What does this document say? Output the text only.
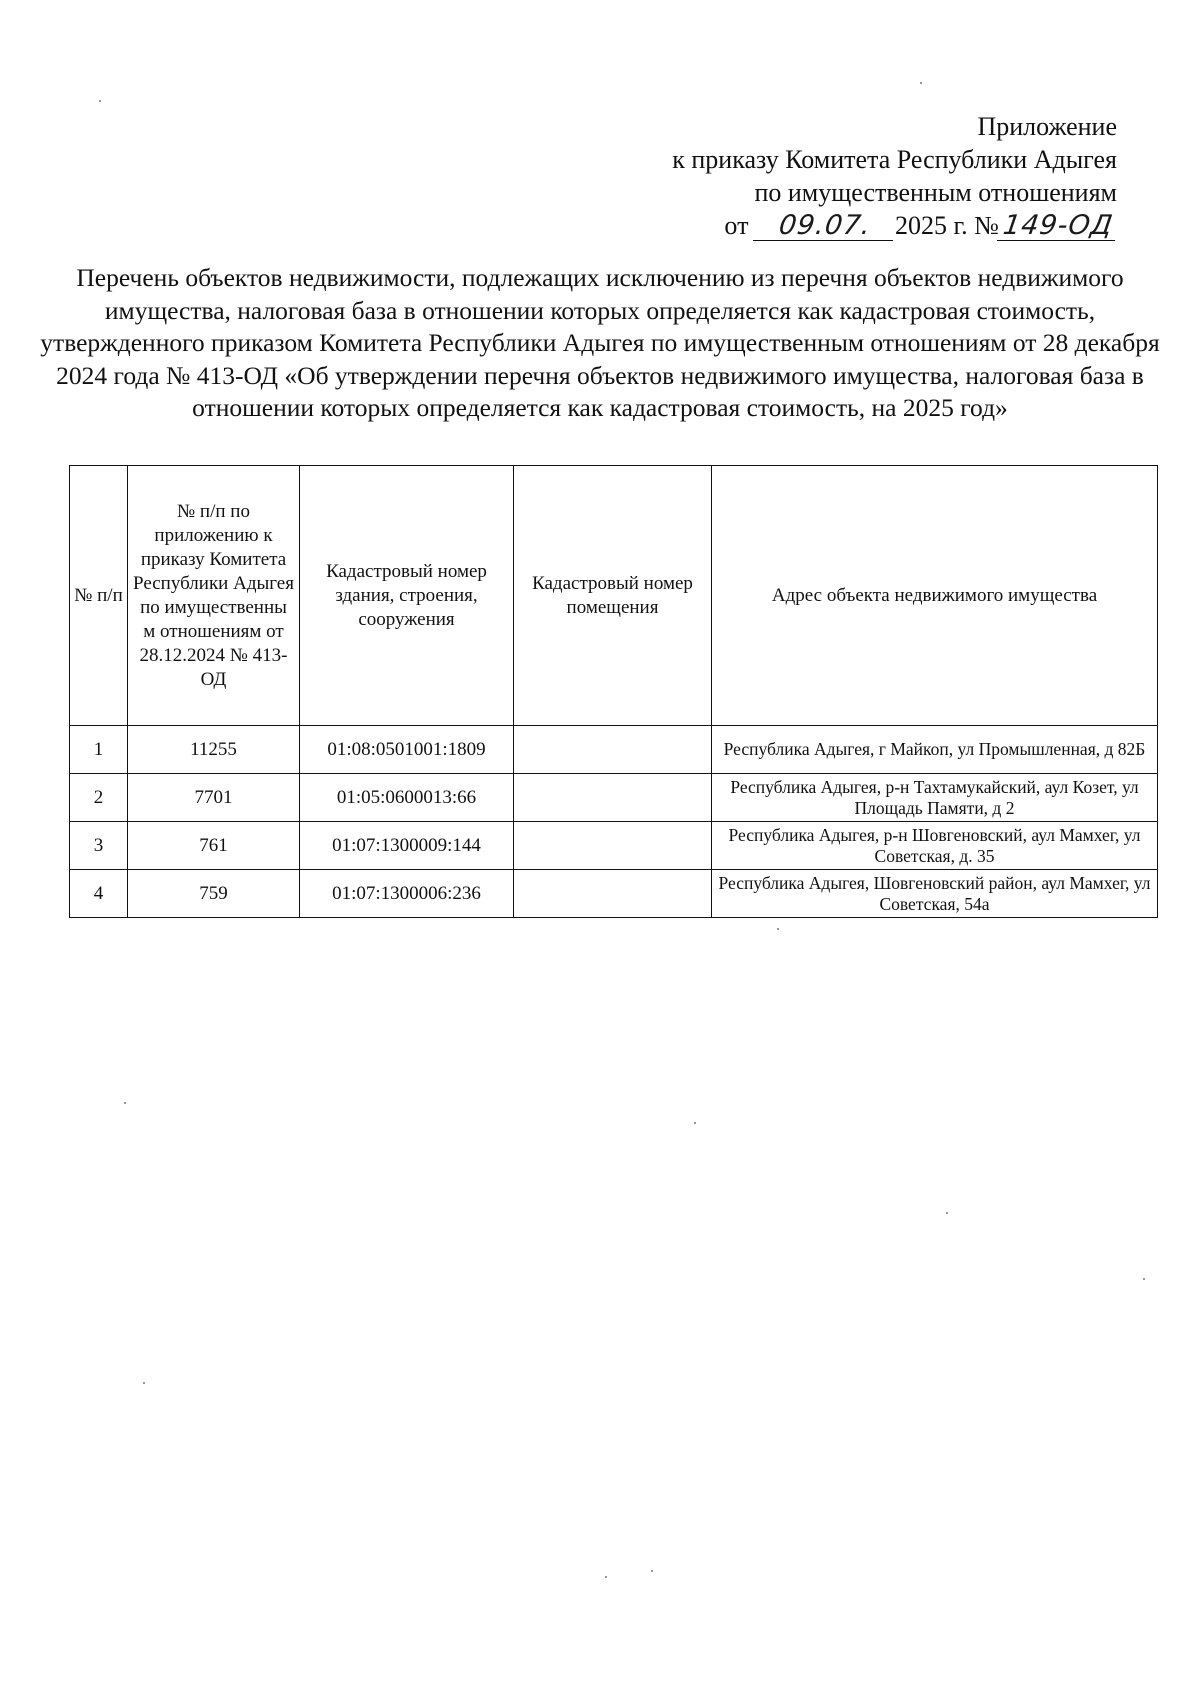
Приложение
к приказу Комитета Республики Адыгея
по имущественным отношениям
от 09.07. 2025 г. №149-ОД
Перечень объектов недвижимости, подлежащих исключению из перечня объектов недвижимого имущества, налоговая база в отношении которых определяется как кадастровая стоимость, утвержденного приказом Комитета Республики Адыгея по имущественным отношениям от 28 декабря 2024 года № 413-ОД «Об утверждении перечня объектов недвижимого имущества, налоговая база в отношении которых определяется как кадастровая стоимость, на 2025 год»
№ п/п	№ п/п по приложению к приказу Комитета Республики Адыгея по имущественны м отношениям от 28.12.2024 № 413-ОД	Кадастровый номер здания, строения, сооружения	Кадастровый номер помещения	Адрес объекта недвижимого имущества
1	11255	01:08:0501001:1809		Республика Адыгея, г Майкоп, ул Промышленная, д 82Б
2	7701	01:05:0600013:66		Республика Адыгея, р-н Тахтамукайский, аул Козет, ул Площадь Памяти, д 2
3	761	01:07:1300009:144		Республика Адыгея, р-н Шовгеновский, аул Мамхег, ул Советская, д. 35
4	759	01:07:1300006:236		Республика Адыгея, Шовгеновский район, аул Мамхег, ул Советская, 54а
